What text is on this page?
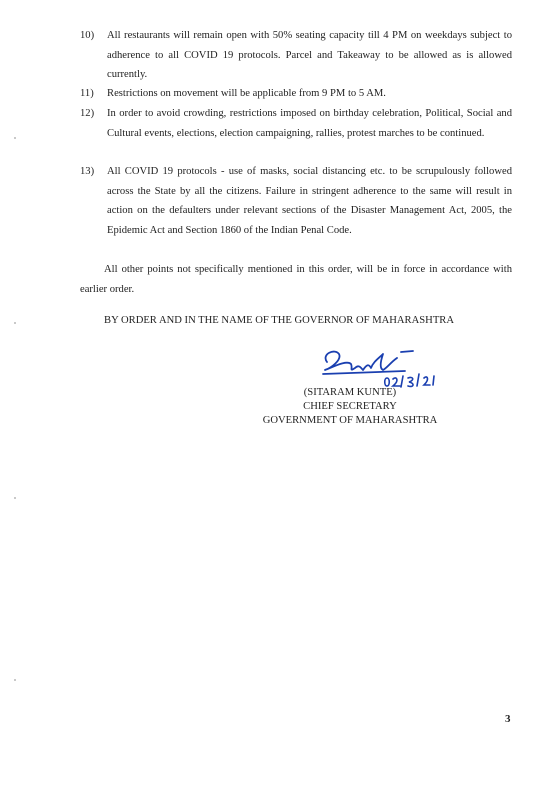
10)	All restaurants will remain open with 50% seating capacity till 4 PM on weekdays subject to adherence to all COVID 19 protocols. Parcel and Takeaway to be allowed as is allowed currently.
11)	Restrictions on movement will be applicable from 9 PM to 5 AM.
12)	In order to avoid crowding, restrictions imposed on birthday celebration, Political, Social and Cultural events, elections, election campaigning, rallies, protest marches to be continued.
13)	All COVID 19 protocols - use of masks, social distancing etc. to be scrupulously followed across the State by all the citizens. Failure in stringent adherence to the same will result in action on the defaulters under relevant sections of the Disaster Management Act, 2005, the Epidemic Act and Section 1860 of the Indian Penal Code.
All other points not specifically mentioned in this order, will be in force in accordance with earlier order.
BY ORDER AND IN THE NAME OF THE GOVERNOR OF MAHARASHTRA
(SITARAM KUNTE)
CHIEF SECRETARY
GOVERNMENT OF MAHARASHTRA
3
